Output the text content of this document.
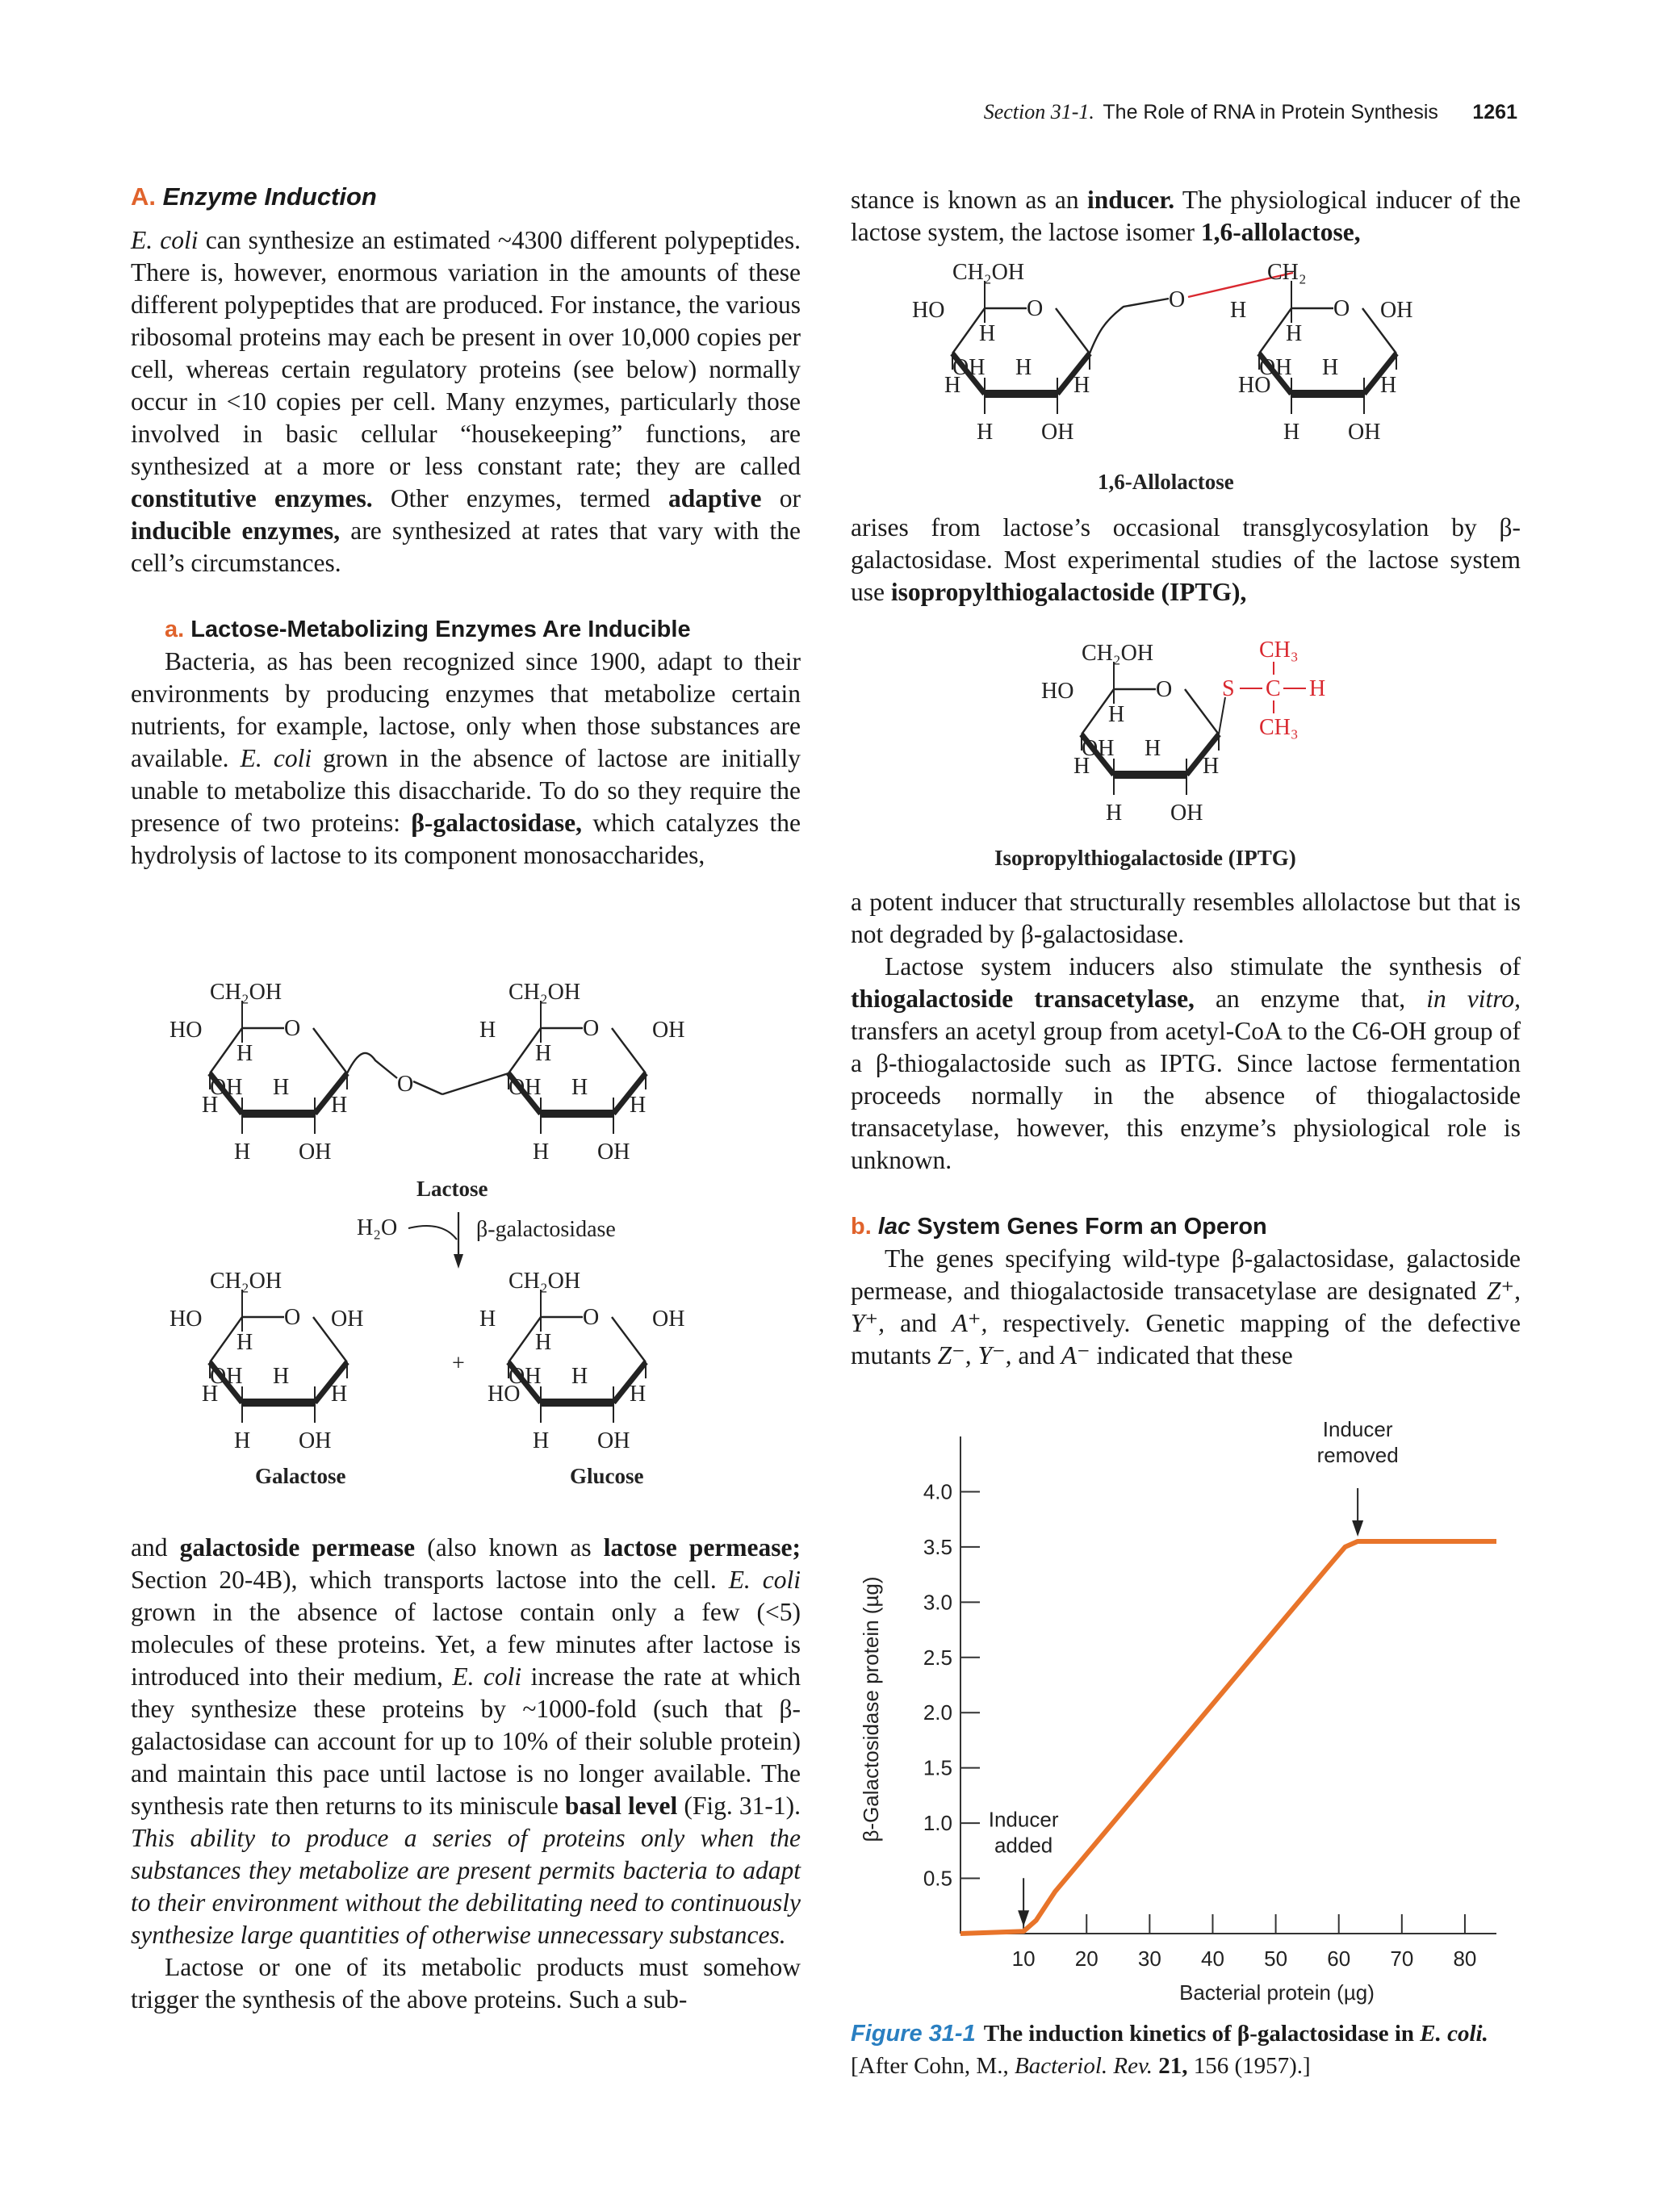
Section 31-1. The Role of RNA in Protein Synthesis 1261

A. Enzyme Induction

E. coli can synthesize an estimated ~4300 different polypeptides. There is, however, enormous variation in the amounts of these different polypeptides that are produced. For instance, the various ribosomal proteins may each be present in over 10,000 copies per cell, whereas certain regulatory proteins (see below) normally occur in <10 copies per cell. Many enzymes, particularly those involved in basic cellular “housekeeping” functions, are synthesized at a more or less constant rate; they are called constitutive enzymes. Other enzymes, termed adaptive or inducible enzymes, are synthesized at rates that vary with the cell’s circumstances.

a. Lactose-Metabolizing Enzymes Are Inducible

Bacteria, as has been recognized since 1900, adapt to their environments by producing enzymes that metabolize certain nutrients, for example, lactose, only when those substances are available. E. coli grown in the absence of lactose are initially unable to metabolize this disaccharide. To do so they require the presence of two proteins: β-galactosidase, which catalyzes the hydrolysis of lactose to its component monosaccharides,

CH₂OH
HO	O
H
OH H
H	H
H OH
O
CH₂OH
H	O OH
H
OH H
H
H OH
Lactose
H₂O	β-galactosidase
CH₂OH
HO	O OH
H
OH H
H	H
H OH
+
CH₂OH
H	O OH
H
OH H
HO	H
H OH
Galactose	Glucose

and galactoside permease (also known as lactose permease; Section 20-4B), which transports lactose into the cell. E. coli grown in the absence of lactose contain only a few (<5) molecules of these proteins. Yet, a few minutes after lactose is introduced into their medium, E. coli increase the rate at which they synthesize these proteins by ~1000-fold (such that β-galactosidase can account for up to 10% of their soluble protein) and maintain this pace until lactose is no longer available. The synthesis rate then returns to its miniscule basal level (Fig. 31-1). This ability to produce a series of proteins only when the substances they metabolize are present permits bacteria to adapt to their environment without the debilitating need to continuously synthesize large quantities of otherwise unnecessary substances.

Lactose or one of its metabolic products must somehow trigger the synthesis of the above proteins. Such a sub-

stance is known as an inducer. The physiological inducer of the lactose system, the lactose isomer 1,6-allolactose,

CH₂OH
HO	O
H
OH H
H	H
H OH
O
CH₂
H	O OH
H
OH H
HO	H
H OH
1,6-Allolactose

arises from lactose’s occasional transglycosylation by β-galactosidase. Most experimental studies of the lactose system use isopropylthiogalactoside (IPTG),

CH₂OH
HO	O
H
OH H
H	H
H OH
S C H
CH₃
CH₃
Isopropylthiogalactoside (IPTG)

a potent inducer that structurally resembles allolactose but that is not degraded by β-galactosidase.

Lactose system inducers also stimulate the synthesis of thiogalactoside transacetylase, an enzyme that, in vitro, transfers an acetyl group from acetyl-CoA to the C6-OH group of a β-thiogalactoside such as IPTG. Since lactose fermentation proceeds normally in the absence of thiogalactoside transacetylase, however, this enzyme’s physiological role is unknown.

b. lac System Genes Form an Operon

The genes specifying wild-type β-galactosidase, galactoside permease, and thiogalactoside transacetylase are designated Z⁺, Y⁺, and A⁺, respectively. Genetic mapping of the defective mutants Z⁻, Y⁻, and A⁻ indicated that these

0.5
1.0
1.5
2.0
2.5
3.0
3.5
4.0
10 20 30 40 50 60 70 80
Bacterial protein (µg)
β-Galactosidase protein (µg)	Inducer
added
Inducer
removed
Figure 31-1 The induction kinetics of β-galactosidase in E. coli. [After Cohn, M., Bacteriol. Rev. 21, 156 (1957).]
